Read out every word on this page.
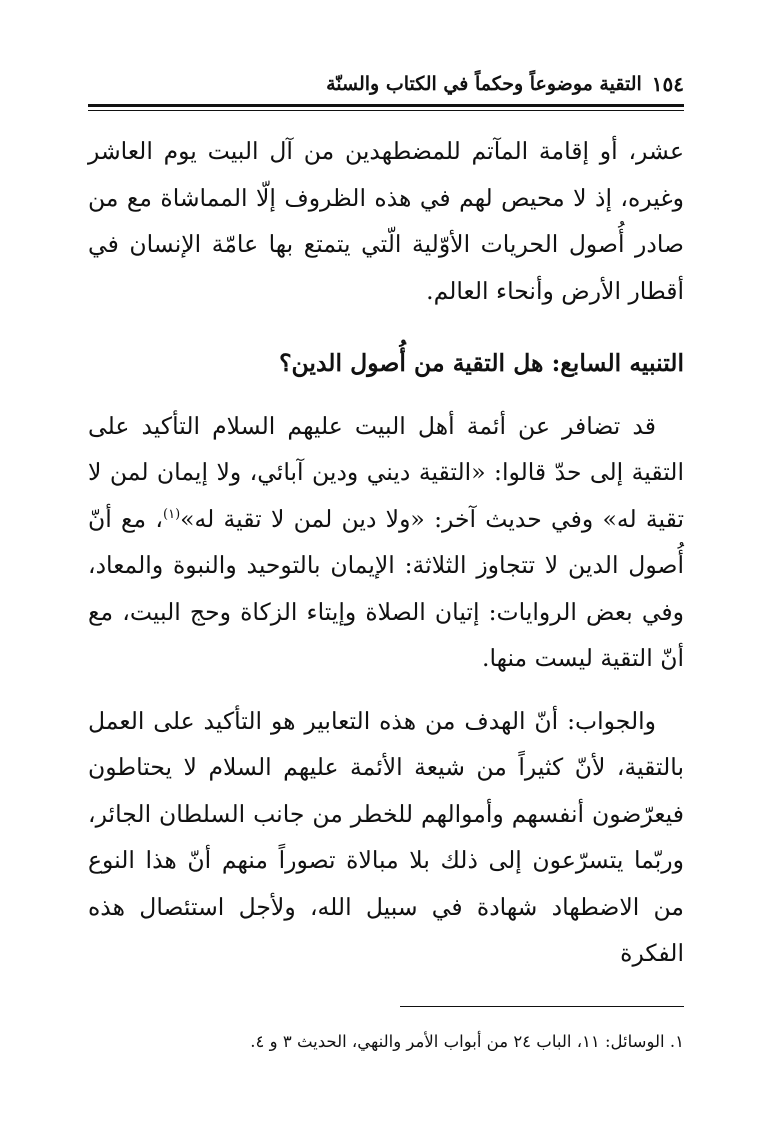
١٥٤
التقية موضوعاً وحكماً في الكتاب والسنّة

عشر، أو إقامة المآتم للمضطهدين من آل البيت يوم العاشر وغيره، إذ لا محيص لهم في هذه الظروف إلّا المماشاة مع من صادر أُصول الحريات الأوّلية الّتي يتمتع بها عامّة الإنسان في أقطار الأرض وأنحاء العالم.

التنبيه السابع: هل التقية من أُصول الدين؟

قد تضافر عن أئمة أهل البيت عليهم السلام التأكيد على التقية إلى حدّ قالوا: «التقية ديني ودين آبائي، ولا إيمان لمن لا تقية له» وفي حديث آخر: «ولا دين لمن لا تقية له»$^{(١)}$، مع أنّ أُصول الدين لا تتجاوز الثلاثة: الإيمان بالتوحيد والنبوة والمعاد، وفي بعض الروايات: إتيان الصلاة وإيتاء الزكاة وحج البيت، مع أنّ التقية ليست منها.

والجواب: أنّ الهدف من هذه التعابير هو التأكيد على العمل بالتقية، لأنّ كثيراً من شيعة الأئمة عليهم السلام لا يحتاطون فيعرّضون أنفسهم وأموالهم للخطر من جانب السلطان الجائر، وربّما يتسرّعون إلى ذلك بلا مبالاة تصوراً منهم أنّ هذا النوع من الاضطهاد شهادة في سبيل الله، ولأجل استئصال هذه الفكرة

١. الوسائل: ١١، الباب ٢٤ من أبواب الأمر والنهي، الحديث ٣ و ٤.
